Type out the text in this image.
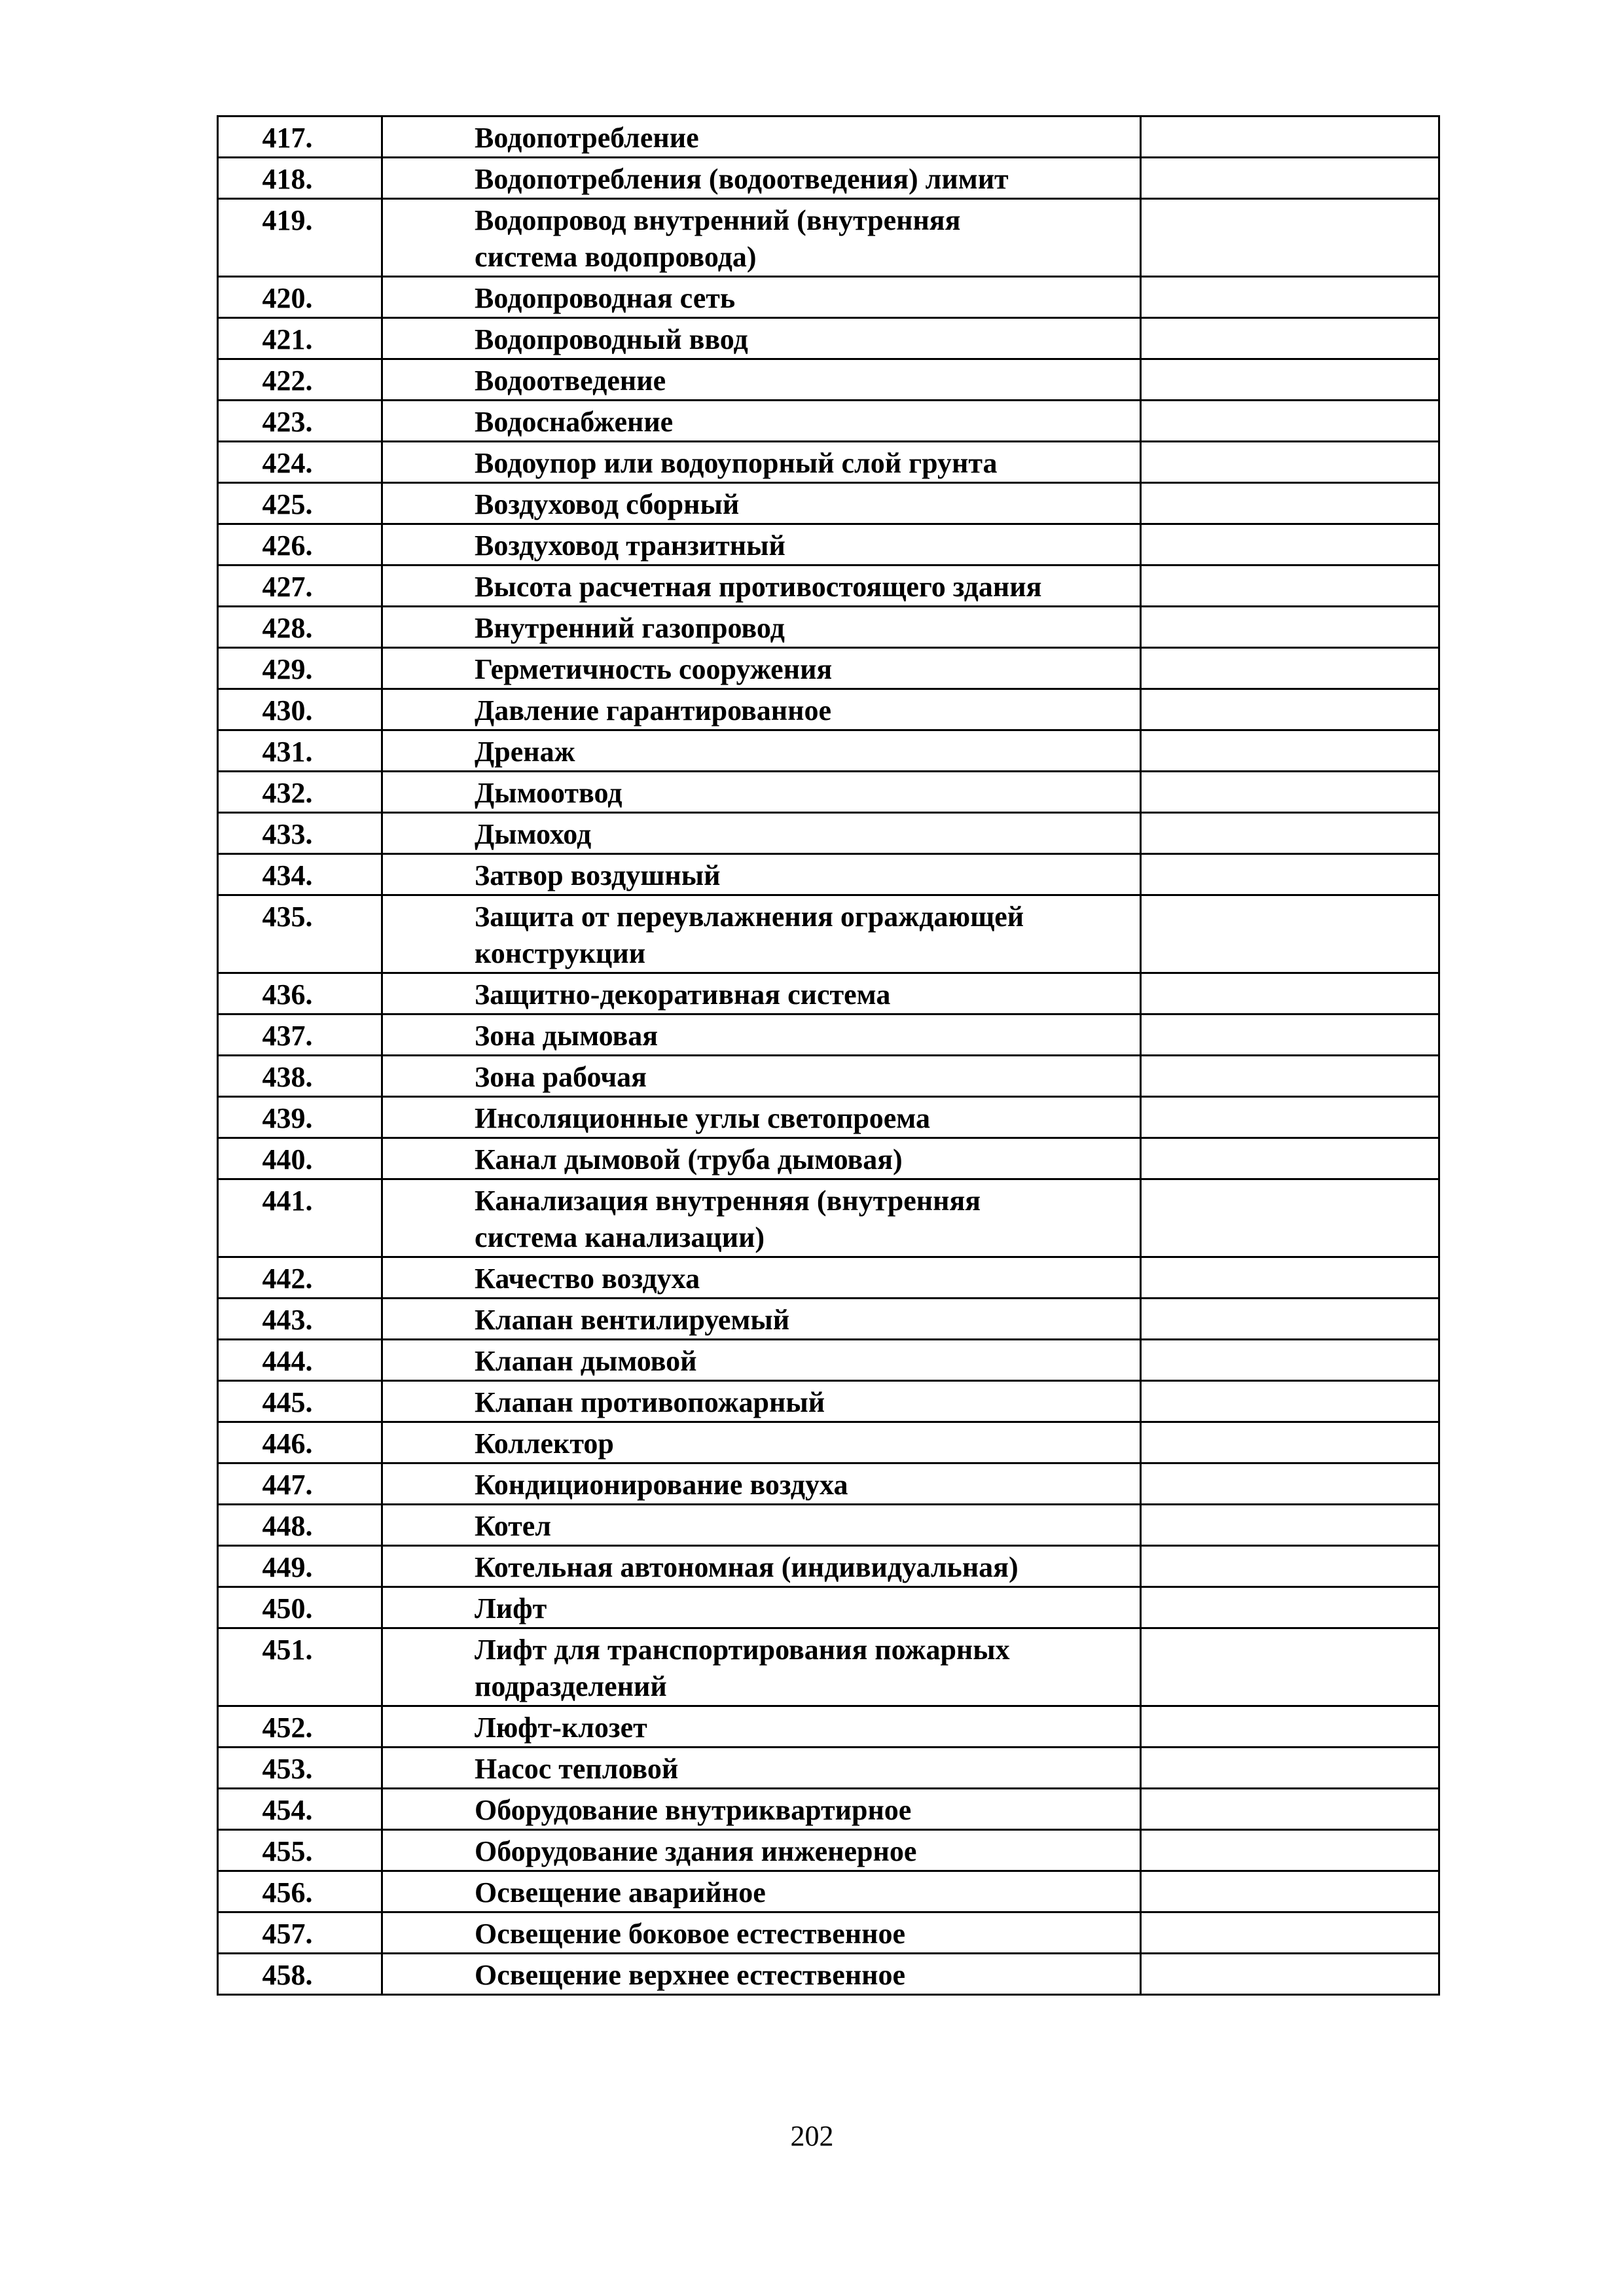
417.	Водопотребление	
418.	Водопотребления (водоотведения) лимит	
419.	Водопровод внутренний (внутренняя
система водопровода)	
420.	Водопроводная сеть	
421.	Водопроводный ввод	
422.	Водоотведение	
423.	Водоснабжение	
424.	Водоупор или водоупорный слой грунта	
425.	Воздуховод сборный	
426.	Воздуховод транзитный	
427.	Высота расчетная противостоящего здания	
428.	Внутренний газопровод	
429.	Герметичность сооружения	
430.	Давление гарантированное	
431.	Дренаж	
432.	Дымоотвод	
433.	Дымоход	
434.	Затвор воздушный	
435.	Защита от переувлажнения ограждающей
конструкции	
436.	Защитно-декоративная система	
437.	Зона дымовая	
438.	Зона рабочая	
439.	Инсоляционные углы светопроема	
440.	Канал дымовой (труба дымовая)	
441.	Канализация внутренняя (внутренняя
система канализации)	
442.	Качество воздуха	
443.	Клапан вентилируемый	
444.	Клапан дымовой	
445.	Клапан противопожарный	
446.	Коллектор	
447.	Кондиционирование воздуха	
448.	Котел	
449.	Котельная автономная (индивидуальная)	
450.	Лифт	
451.	Лифт для транспортирования пожарных
подразделений	
452.	Люфт-клозет	
453.	Насос тепловой	
454.	Оборудование внутриквартирное	
455.	Оборудование здания инженерное	
456.	Освещение аварийное	
457.	Освещение боковое естественное	
458.	Освещение верхнее естественное	
202
